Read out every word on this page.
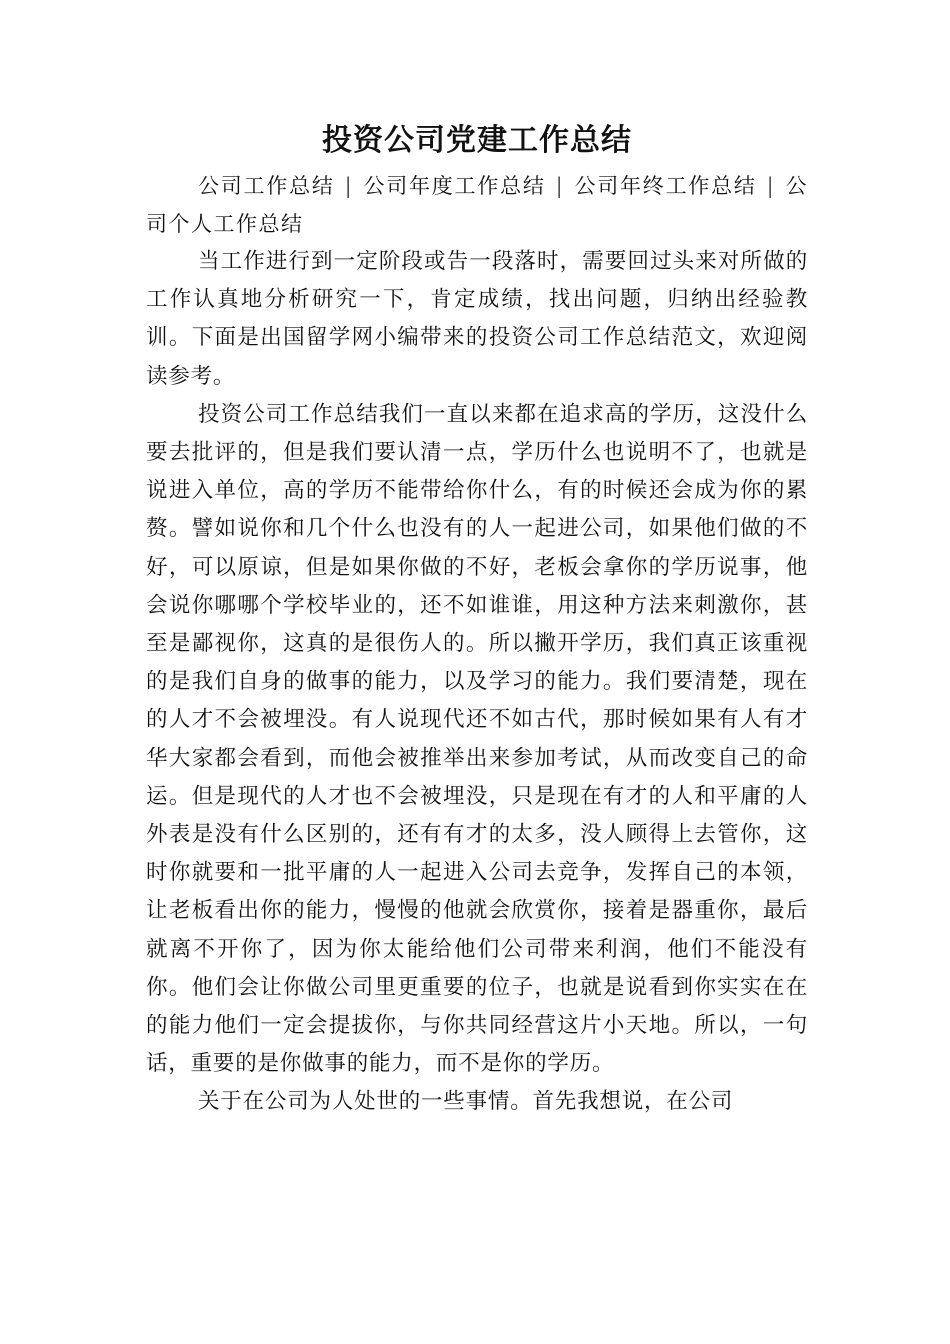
投资公司党建工作总结

公司工作总结 | 公司年度工作总结 | 公司年终工作总结 | 公司个人工作总结

当工作进行到一定阶段或告一段落时，需要回过头来对所做的工作认真地分析研究一下，肯定成绩，找出问题，归纳出经验教训。下面是出国留学网小编带来的投资公司工作总结范文，欢迎阅读参考。

投资公司工作总结我们一直以来都在追求高的学历，这没什么要去批评的，但是我们要认清一点，学历什么也说明不了，也就是说进入单位，高的学历不能带给你什么，有的时候还会成为你的累赘。譬如说你和几个什么也没有的人一起进公司，如果他们做的不好，可以原谅，但是如果你做的不好，老板会拿你的学历说事，他会说你哪哪个学校毕业的，还不如谁谁，用这种方法来刺激你，甚至是鄙视你，这真的是很伤人的。所以撇开学历，我们真正该重视的是我们自身的做事的能力，以及学习的能力。我们要清楚，现在的人才不会被埋没。有人说现代还不如古代，那时候如果有人有才华大家都会看到，而他会被推举出来参加考试，从而改变自己的命运。但是现代的人才也不会被埋没，只是现在有才的人和平庸的人外表是没有什么区别的，还有有才的太多，没人顾得上去管你，这时你就要和一批平庸的人一起进入公司去竞争，发挥自己的本领，让老板看出你的能力，慢慢的他就会欣赏你，接着是器重你，最后就离不开你了，因为你太能给他们公司带来利润，他们不能没有你。他们会让你做公司里更重要的位子，也就是说看到你实实在在的能力他们一定会提拔你，与你共同经营这片小天地。所以，一句话，重要的是你做事的能力，而不是你的学历。

关于在公司为人处世的一些事情。首先我想说，在公司
